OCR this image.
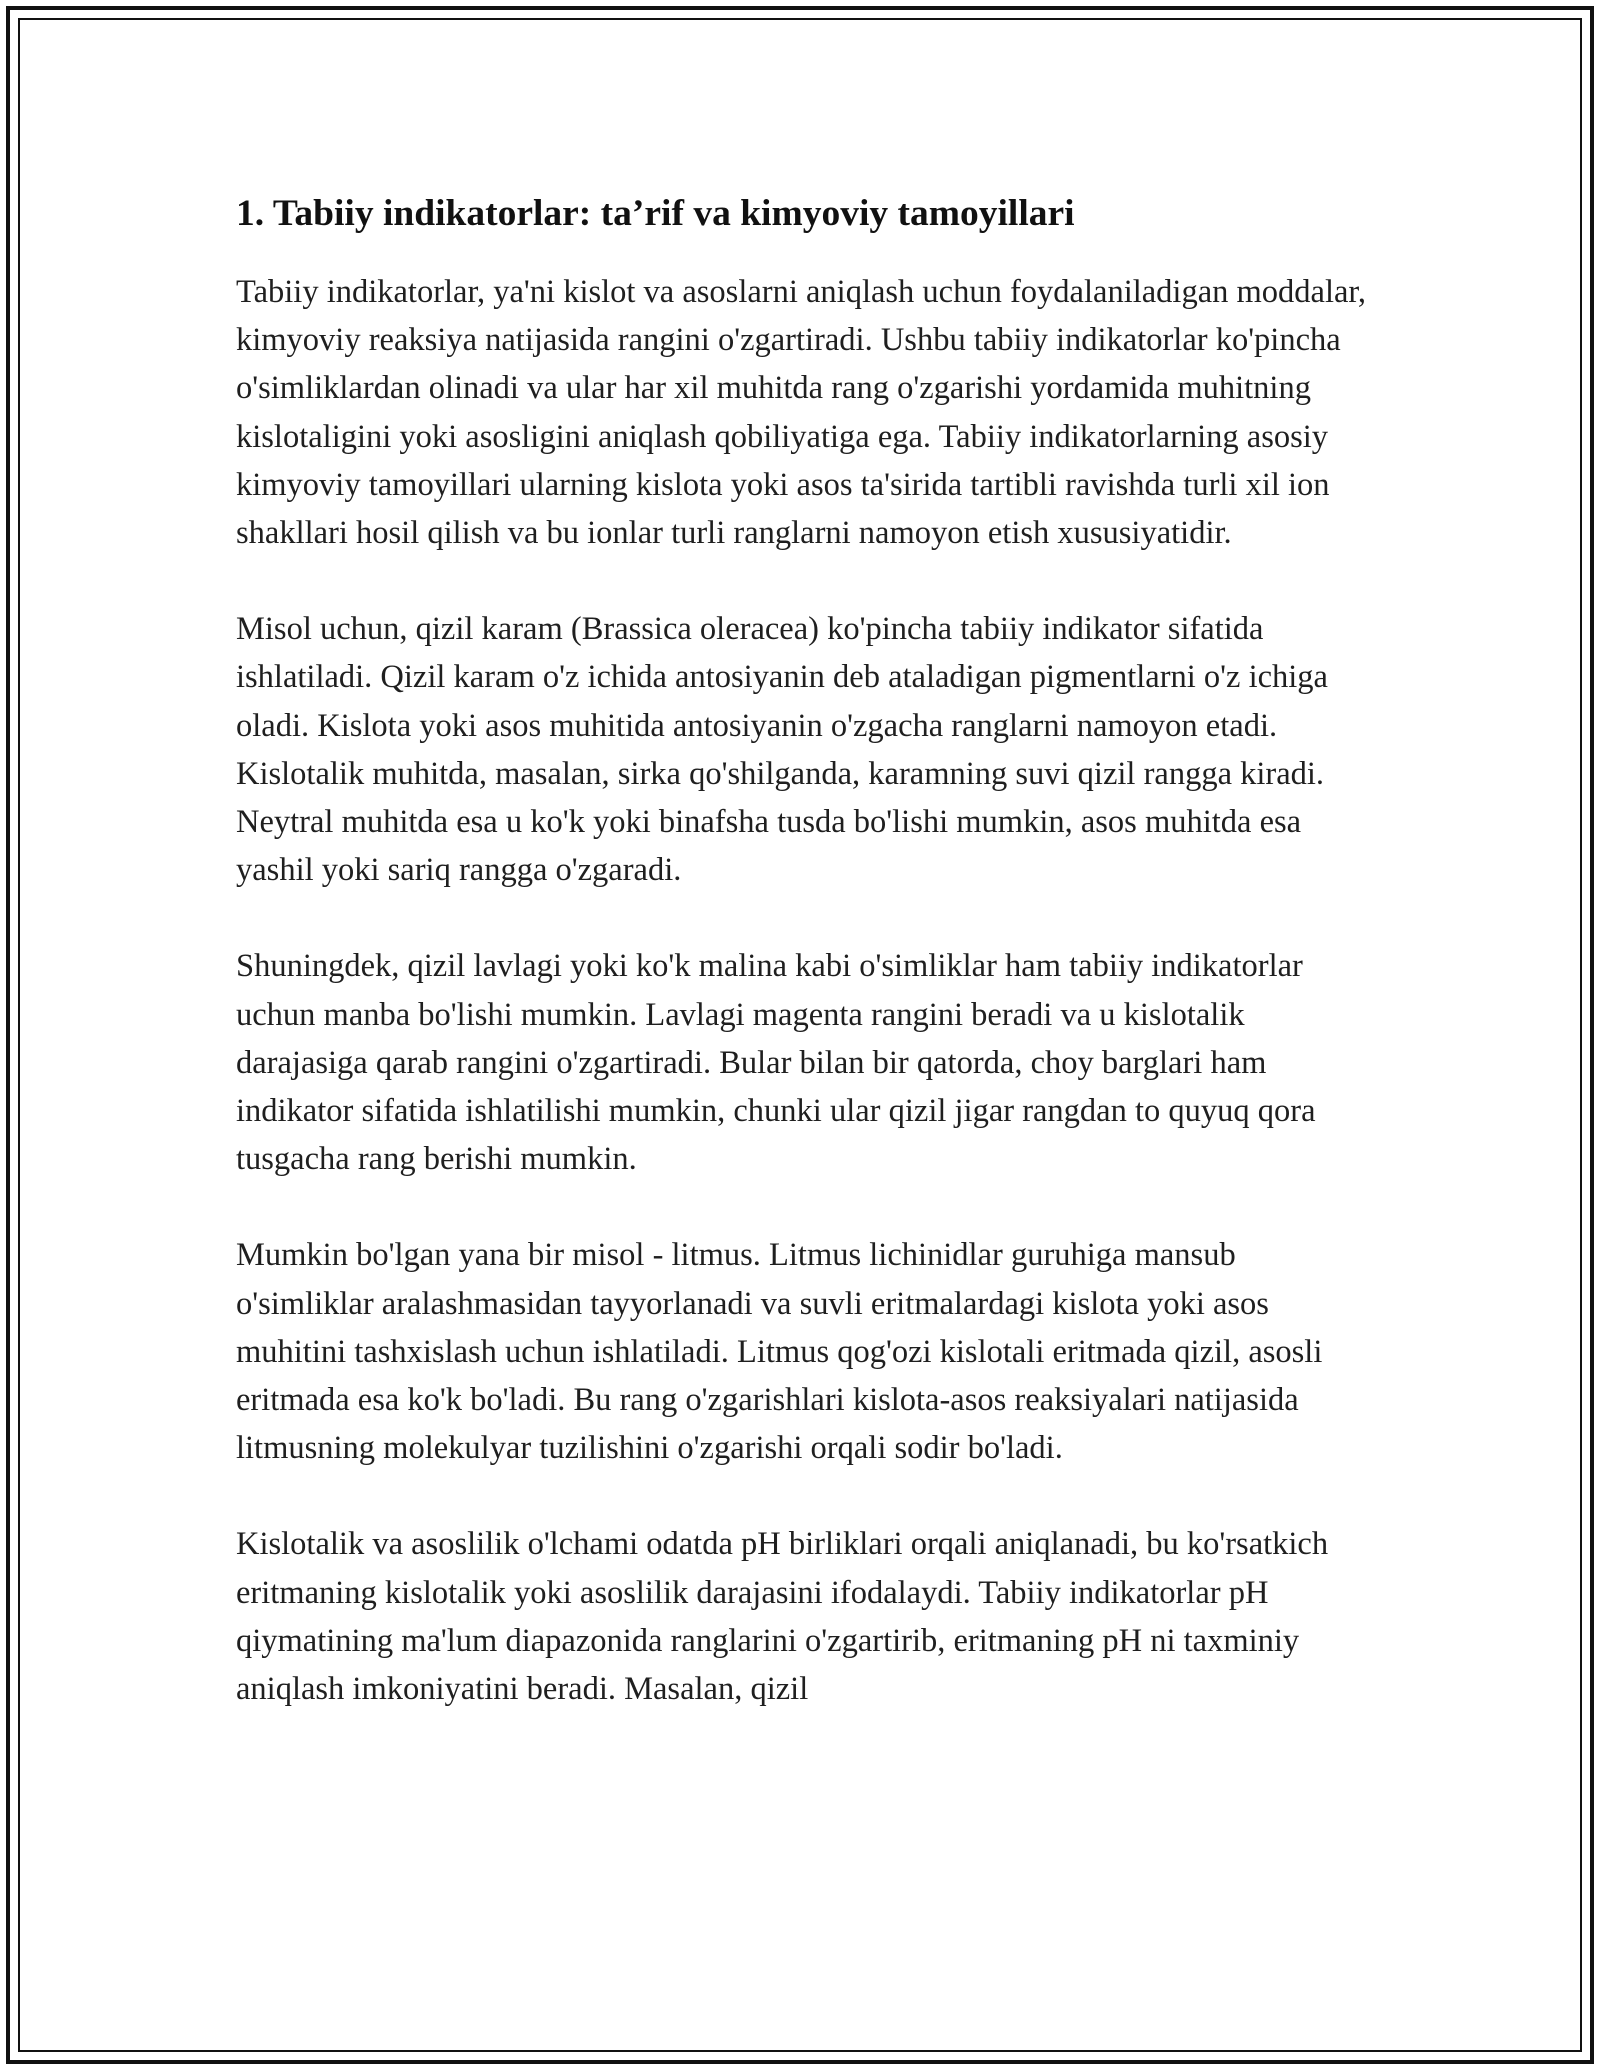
1. Tabiiy indikatorlar: ta’rif va kimyoviy tamoyillari

Tabiiy indikatorlar, ya'ni kislot va asoslarni aniqlash uchun foydalaniladigan moddalar, kimyoviy reaksiya natijasida rangini o'zgartiradi. Ushbu tabiiy indikatorlar ko'pincha o'simliklardan olinadi va ular har xil muhitda rang o'zgarishi yordamida muhitning kislotaligini yoki asosligini aniqlash qobiliyatiga ega. Tabiiy indikatorlarning asosiy kimyoviy tamoyillari ularning kislota yoki asos ta'sirida tartibli ravishda turli xil ion shakllari hosil qilish va bu ionlar turli ranglarni namoyon etish xususiyatidir.

Misol uchun, qizil karam (Brassica oleracea) ko'pincha tabiiy indikator sifatida ishlatiladi. Qizil karam o'z ichida antosiyanin deb ataladigan pigmentlarni o'z ichiga oladi. Kislota yoki asos muhitida antosiyanin o'zgacha ranglarni namoyon etadi. Kislotalik muhitda, masalan, sirka qo'shilganda, karamning suvi qizil rangga kiradi. Neytral muhitda esa u ko'k yoki binafsha tusda bo'lishi mumkin, asos muhitda esa yashil yoki sariq rangga o'zgaradi.

Shuningdek, qizil lavlagi yoki ko'k malina kabi o'simliklar ham tabiiy indikatorlar uchun manba bo'lishi mumkin. Lavlagi magenta rangini beradi va u kislotalik darajasiga qarab rangini o'zgartiradi. Bular bilan bir qatorda, choy barglari ham indikator sifatida ishlatilishi mumkin, chunki ular qizil jigar rangdan to quyuq qora tusgacha rang berishi mumkin.

Mumkin bo'lgan yana bir misol - litmus. Litmus lichinidlar guruhiga mansub o'simliklar aralashmasidan tayyorlanadi va suvli eritmalardagi kislota yoki asos muhitini tashxislash uchun ishlatiladi. Litmus qog'ozi kislotali eritmada qizil, asosli eritmada esa ko'k bo'ladi. Bu rang o'zgarishlari kislota-asos reaksiyalari natijasida litmusning molekulyar tuzilishini o'zgarishi orqali sodir bo'ladi.

Kislotalik va asoslilik o'lchami odatda pH birliklari orqali aniqlanadi, bu ko'rsatkich eritmaning kislotalik yoki asoslilik darajasini ifodalaydi. Tabiiy indikatorlar pH qiymatining ma'lum diapazonida ranglarini o'zgartirib, eritmaning pH ni taxminiy aniqlash imkoniyatini beradi. Masalan, qizil
